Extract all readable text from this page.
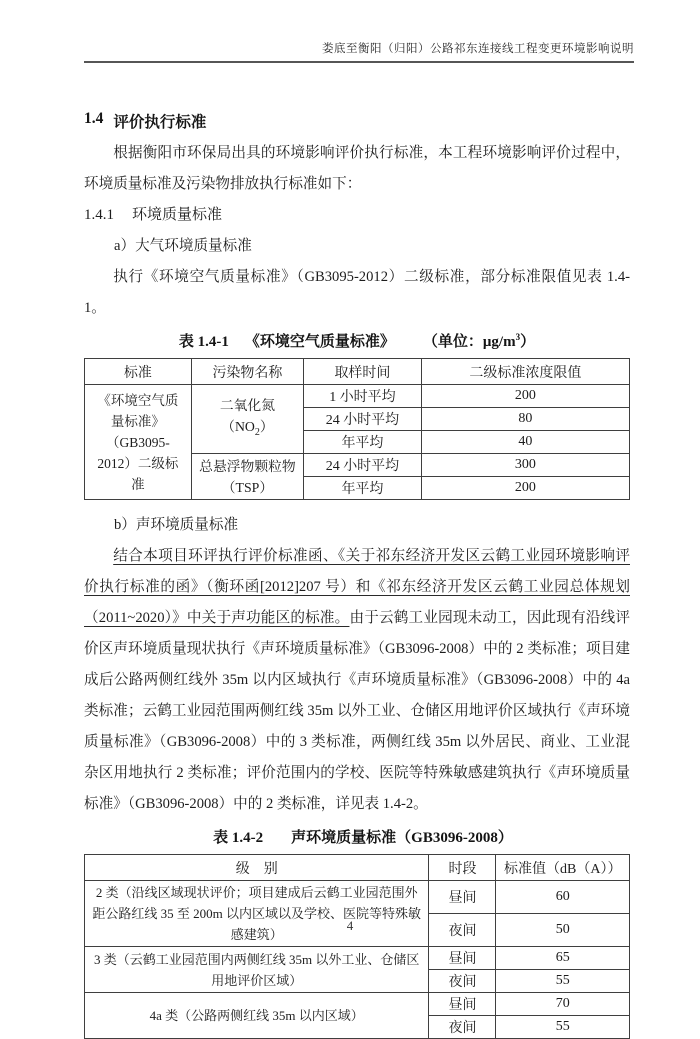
娄底至衡阳（归阳）公路祁东连接线工程变更环境影响说明
1.4 评价执行标准

根据衡阳市环保局出具的环境影响评价执行标准，本工程环境影响评价过程中，环境质量标准及污染物排放执行标准如下：

1.4.1 环境质量标准

a）大气环境质量标准

执行《环境空气质量标准》（GB3095-2012）二级标准，部分标准限值见表 1.4-1。

表 1.4-1 《环境空气质量标准》 （单位：$\mu g/m^3$）
标准	污染物名称	取样时间	二级标准浓度限值
《环境空气质量标准》（GB3095-2012）二级标准	二氧化氮$(NO_2)$	1 小时平均	200
		24 小时平均	80
		年平均	40
	总悬浮物颗粒物（TSP）	24 小时平均	300
		年平均	200

b）声环境质量标准

结合本项目环评执行评价标准函、《关于祁东经济开发区云鹤工业园环境影响评价执行标准的函》（衡环函[2012]207 号）和《祁东经济开发区云鹤工业园总体规划（2011~2020）》中关于声功能区的标准。由于云鹤工业园现未动工，因此现有沿线评价区声环境质量现状执行《声环境质量标准》（GB3096-2008）中的 2 类标准；项目建成后公路两侧红线外 35m 以内区域执行《声环境质量标准》（GB3096-2008）中的 4a 类标准；云鹤工业园范围两侧红线 35m 以外工业、仓储区用地评价区域执行《声环境质量标准》（GB3096-2008）中的 3 类标准，两侧红线 35m 以外居民、商业、工业混杂区用地执行 2 类标准；评价范围内的学校、医院等特殊敏感建筑执行《声环境质量标准》（GB3096-2008）中的 2 类标准，详见表 1.4-2。

表 1.4-2 声环境质量标准（GB3096-2008）
级　别	时段	标准值（dB（A））
2 类（沿线区域现状评价；项目建成后云鹤工业园范围外距公路红线 35 至 200m 以内区域以及学校、医院等特殊敏感建筑）	昼间	60
	夜间	50
3 类（云鹤工业园范围内两侧红线 35m 以外工业、仓储区用地评价区域）	昼间	65
	夜间	55
4a 类（公路两侧红线 35m 以内区域）	昼间	70
	夜间	55
4
